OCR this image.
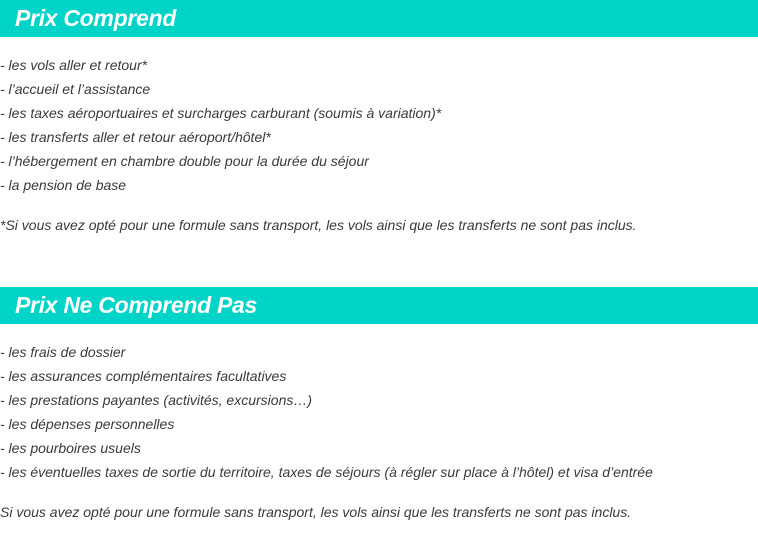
Prix Comprend
- les vols aller et retour*
- l’accueil et l’assistance
- les taxes aéroportuaires et surcharges carburant (soumis à variation)*
- les transferts aller et retour aéroport/hôtel*
- l’hébergement en chambre double pour la durée du séjour
- la pension de base

*Si vous avez opté pour une formule sans transport, les vols ainsi que les transferts ne sont pas inclus.

Prix Ne Comprend Pas
- les frais de dossier
- les assurances complémentaires facultatives
- les prestations payantes (activités, excursions…)
- les dépenses personnelles
- les pourboires usuels
- les éventuelles taxes de sortie du territoire, taxes de séjours (à régler sur place à l’hôtel) et visa d’entrée

Si vous avez opté pour une formule sans transport, les vols ainsi que les transferts ne sont pas inclus.
